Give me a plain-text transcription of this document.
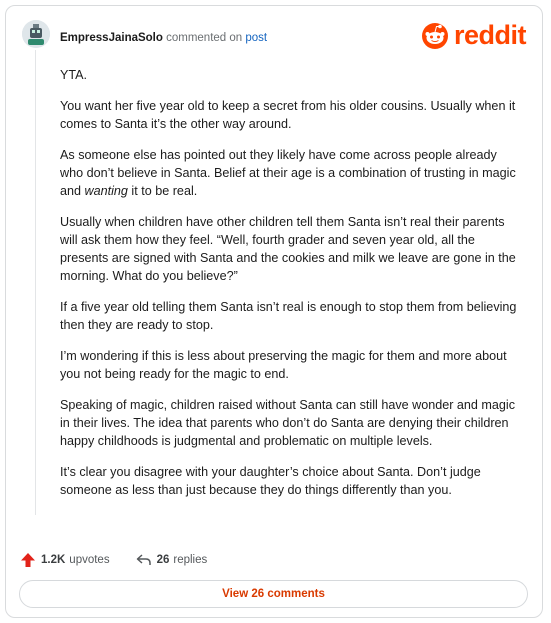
EmpressJainaSolo commented on post	reddit

YTA.

You want her five year old to keep a secret from his older cousins. Usually when it comes to Santa it’s the other way around.

As someone else has pointed out they likely have come across people already who don’t believe in Santa. Belief at their age is a combination of trusting in magic and wanting it to be real.

Usually when children have other children tell them Santa isn’t real their parents will ask them how they feel. “Well, fourth grader and seven year old, all the presents are signed with Santa and the cookies and milk we leave are gone in the morning. What do you believe?”

If a five year old telling them Santa isn’t real is enough to stop them from believing then they are ready to stop.

I’m wondering if this is less about preserving the magic for them and more about you not being ready for the magic to end.

Speaking of magic, children raised without Santa can still have wonder and magic in their lives. The idea that parents who don’t do Santa are denying their children happy childhoods is judgmental and problematic on multiple levels.

It’s clear you disagree with your daughter’s choice about Santa. Don’t judge someone as less than just because they do things differently than you.

1.2K upvotes	26 replies
View 26 comments
